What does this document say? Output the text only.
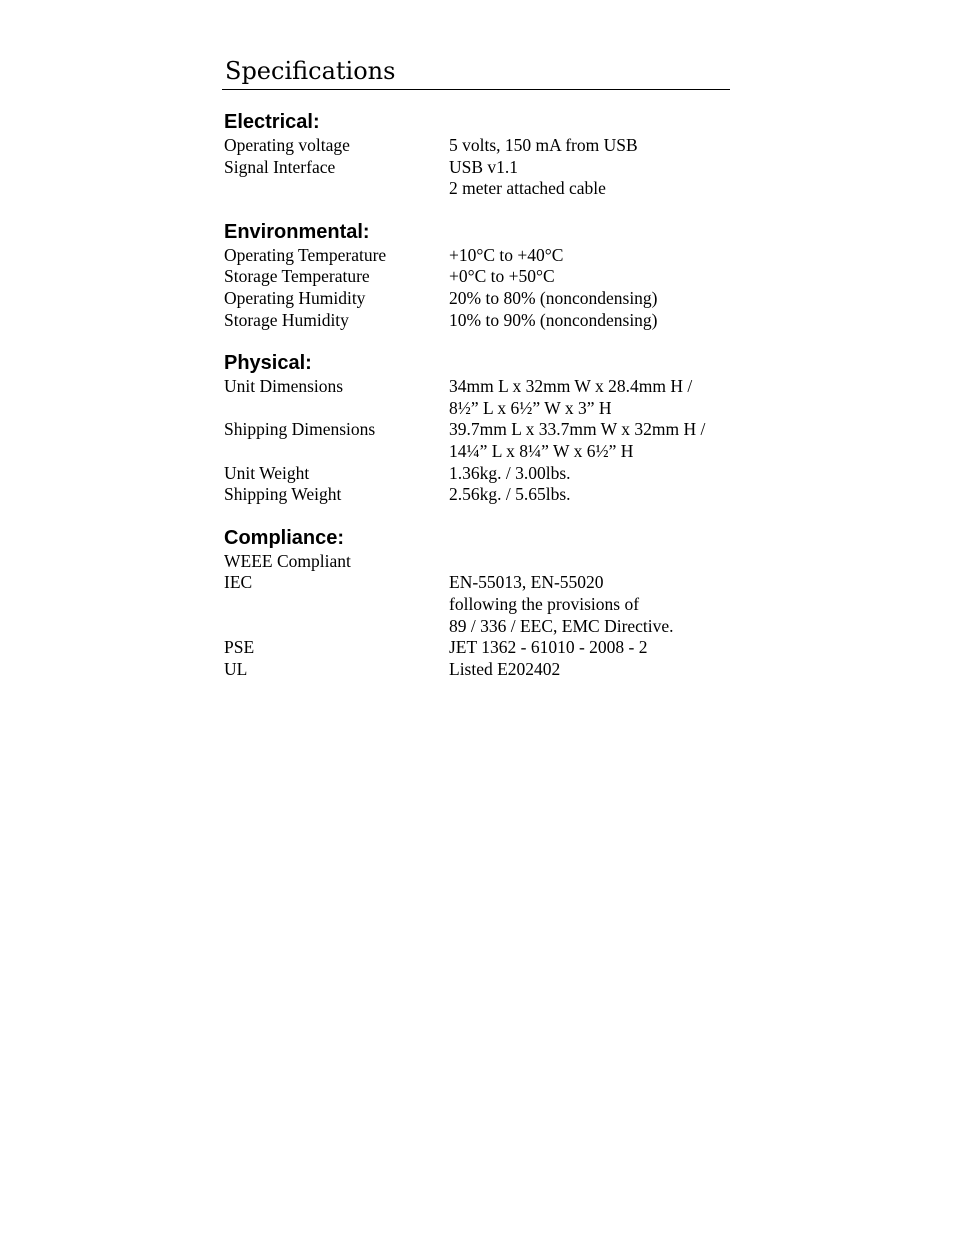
Specifications
Electrical:
Operating voltage	5 volts, 150 mA from USB
Signal Interface	USB v1.1
2 meter attached cable
Environmental:
Operating Temperature	+10°C to +40°C
Storage Temperature	+0°C to +50°C
Operating Humidity	20% to 80% (noncondensing)
Storage Humidity	10% to 90% (noncondensing)
Physical:
Unit Dimensions	34mm L x 32mm W x 28.4mm H /
8½” L x 6½” W x 3” H
Shipping Dimensions	39.7mm L x 33.7mm W x 32mm H /
14¼” L x 8¼” W x 6½” H
Unit Weight	1.36kg. / 3.00lbs.
Shipping Weight	2.56kg. / 5.65lbs.
Compliance:
WEEE Compliant
IEC	EN-55013, EN-55020
following the provisions of
89 / 336 / EEC, EMC Directive.
PSE	JET 1362 - 61010 - 2008 - 2
UL	Listed E202402
